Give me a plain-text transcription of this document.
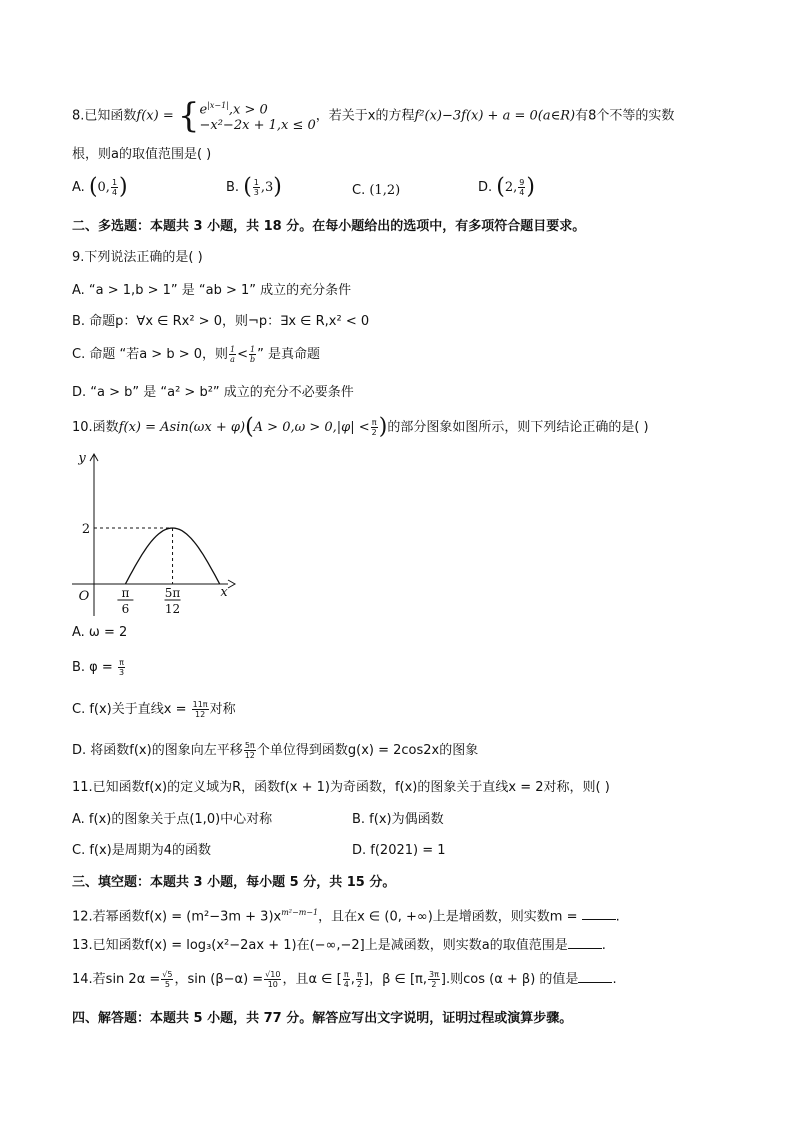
8.已知函数f(x) = { $e^{|x-1|},x > 0$
−x²−2x + 1,x ≤ 0
，若关于x的方程f²(x)−3f(x) + a = 0(a∈R)有8个不等的实数
根，则a的取值范围是( )
A. (0, $\frac{1}{4}$ )	B. ( $\frac{1}{3} ,3$)	C. (1,2)	D. (2, $\frac{9}{4}$ )
二、多选题：本题共 3 小题，共 18 分。在每小题给出的选项中，有多项符合题目要求。
9.下列说法正确的是( )
A. “a > 1,b > 1” 是 “ab > 1” 成立的充分条件
B. 命题p：∀x ∈ Rx² > 0，则¬p：∃x ∈ R,x² < 0
C. 命题 “若a > b > 0，则 $\frac{1}{a} < \frac{1}{b}$ ” 是真命题
D. “a > b” 是 “a² > b²” 成立的充分不必要条件
10.函数$f(x) = Asin(\omega x + \varphi)(A > 0,\omega > 0,|\varphi| < \frac{\pi}{2}$ )的部分图象如图所示，则下列结论正确的是( )
x
y
O
2
π
6
5π
12
A. ω = 2
B. $\varphi = \frac{\pi}{3}$
C. f(x)关于直线$x = \frac{11\pi}{12}$ 对称
D. 将函数f(x)的图象向左平移 $\frac{5\pi}{12}$ 个单位得到函数g(x) = 2cos2x的图象
11.已知函数f(x)的定义域为R，函数f(x + 1)为奇函数，f(x)的图象关于直线x = 2对称，则( )
A. f(x)的图象关于点(1,0)中心对称	B. f(x)为偶函数
C. f(x)是周期为4的函数	D. f(2021) = 1
三、填空题：本题共 3 小题，每小题 5 分，共 15 分。
12.若幂函数$f(x) = (m^2-3m + 3)x^{m^2-m-1}$，且在x ∈ (0, +∞)上是增函数，则实数m =	.
13.已知函数f(x) = log₃(x²−2ax + 1)在(−∞,−2]上是减函数，则实数a的取值范围是	.
14.若$\sin 2\alpha = \frac{√5}{5}$ ，$\sin (\beta-\alpha) = \frac{√10}{10}$ ，且α ∈ [ $\frac{\pi}{4}$ , $\frac{\pi}{2}$ ]，β ∈ [π, $\frac{3\pi}{2}$ ].则cos (α + β) 的值是	.
四、解答题：本题共 5 小题，共 77 分。解答应写出文字说明，证明过程或演算步骤。
